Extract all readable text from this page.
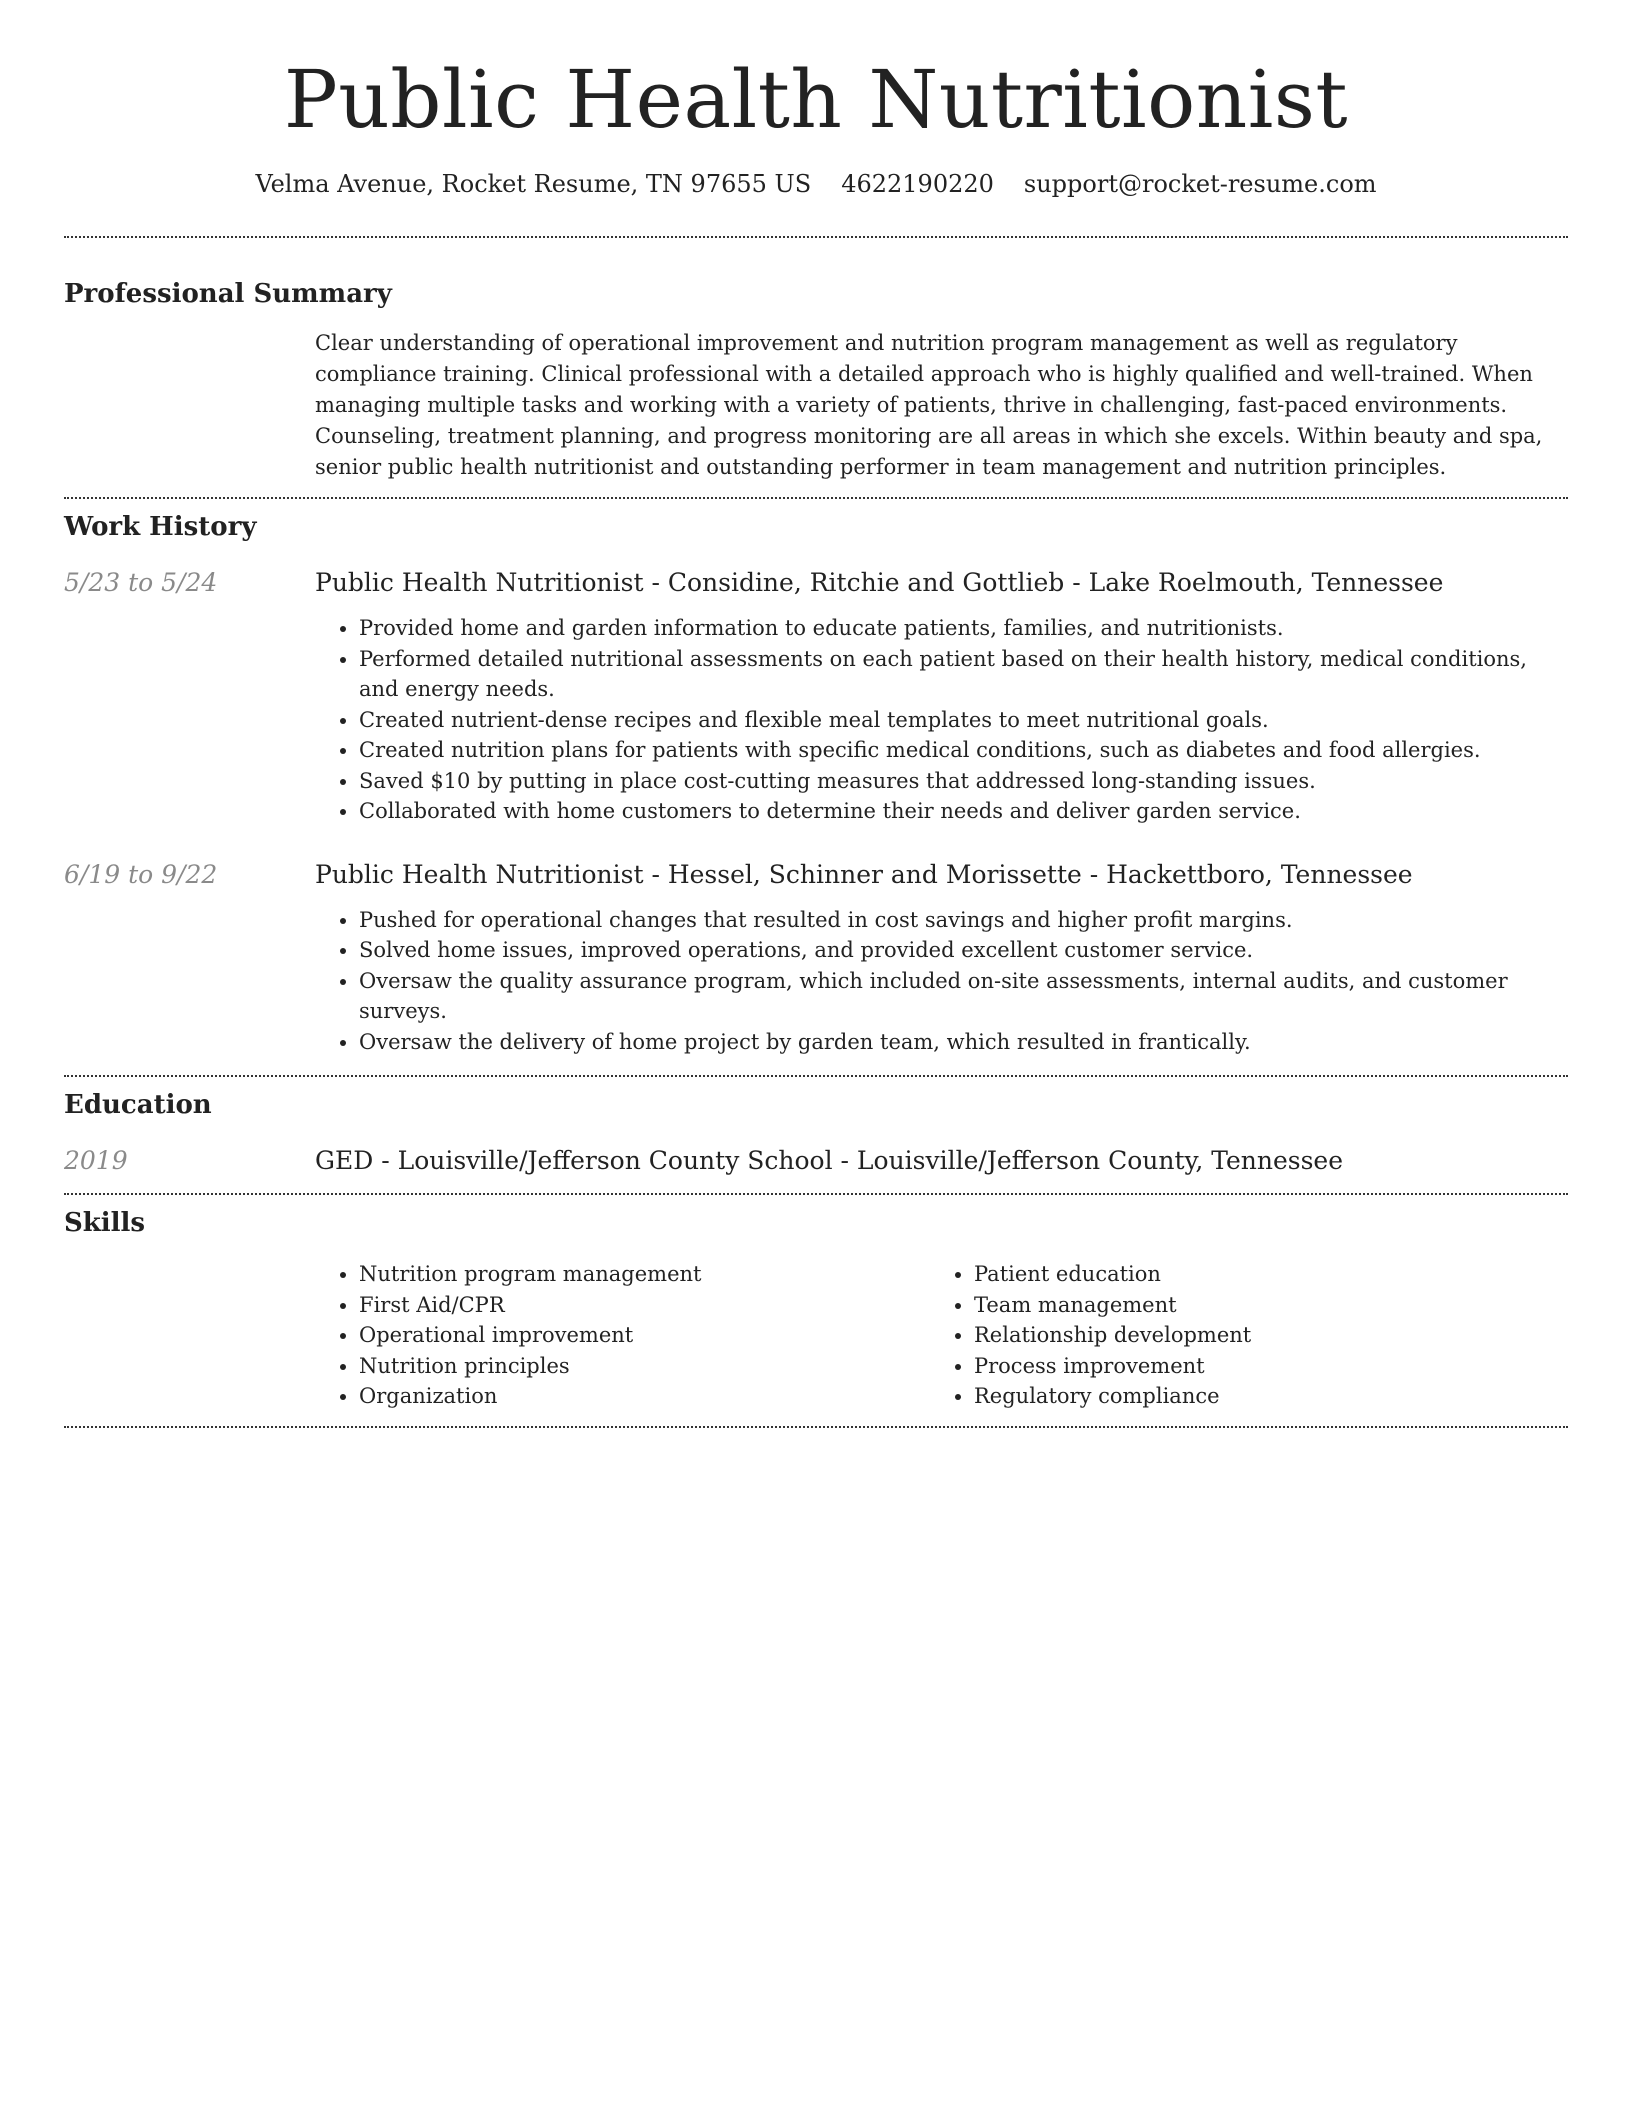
Public Health Nutritionist
Velma Avenue, Rocket Resume, TN 97655 US 4622190220 support@rocket-resume.com
Professional Summary

Clear understanding of operational improvement and nutrition program management as well as regulatory compliance training. Clinical professional with a detailed approach who is highly qualified and well-trained. When managing multiple tasks and working with a variety of patients, thrive in challenging, fast-paced environments. Counseling, treatment planning, and progress monitoring are all areas in which she excels. Within beauty and spa, senior public health nutritionist and outstanding performer in team management and nutrition principles.

Work History
5/23 to 5/24	Public Health Nutritionist - Considine, Ritchie and Gottlieb - Lake Roelmouth, Tennessee

• Provided home and garden information to educate patients, families, and nutritionists.
• Performed detailed nutritional assessments on each patient based on their health history, medical conditions, and energy needs.
• Created nutrient-dense recipes and flexible meal templates to meet nutritional goals.
• Created nutrition plans for patients with specific medical conditions, such as diabetes and food allergies.
• Saved $10 by putting in place cost-cutting measures that addressed long-standing issues.
• Collaborated with home customers to determine their needs and deliver garden service.
6/19 to 9/22	Public Health Nutritionist - Hessel, Schinner and Morissette - Hackettboro, Tennessee

• Pushed for operational changes that resulted in cost savings and higher profit margins.
• Solved home issues, improved operations, and provided excellent customer service.
• Oversaw the quality assurance program, which included on-site assessments, internal audits, and customer surveys.
• Oversaw the delivery of home project by garden team, which resulted in frantically.
Education
2019	GED - Louisville/Jefferson County School - Louisville/Jefferson County, Tennessee

Skills
• Nutrition program management
• First Aid/CPR
• Operational improvement
• Nutrition principles
• Organization
• Patient education
• Team management
• Relationship development
• Process improvement
• Regulatory compliance
